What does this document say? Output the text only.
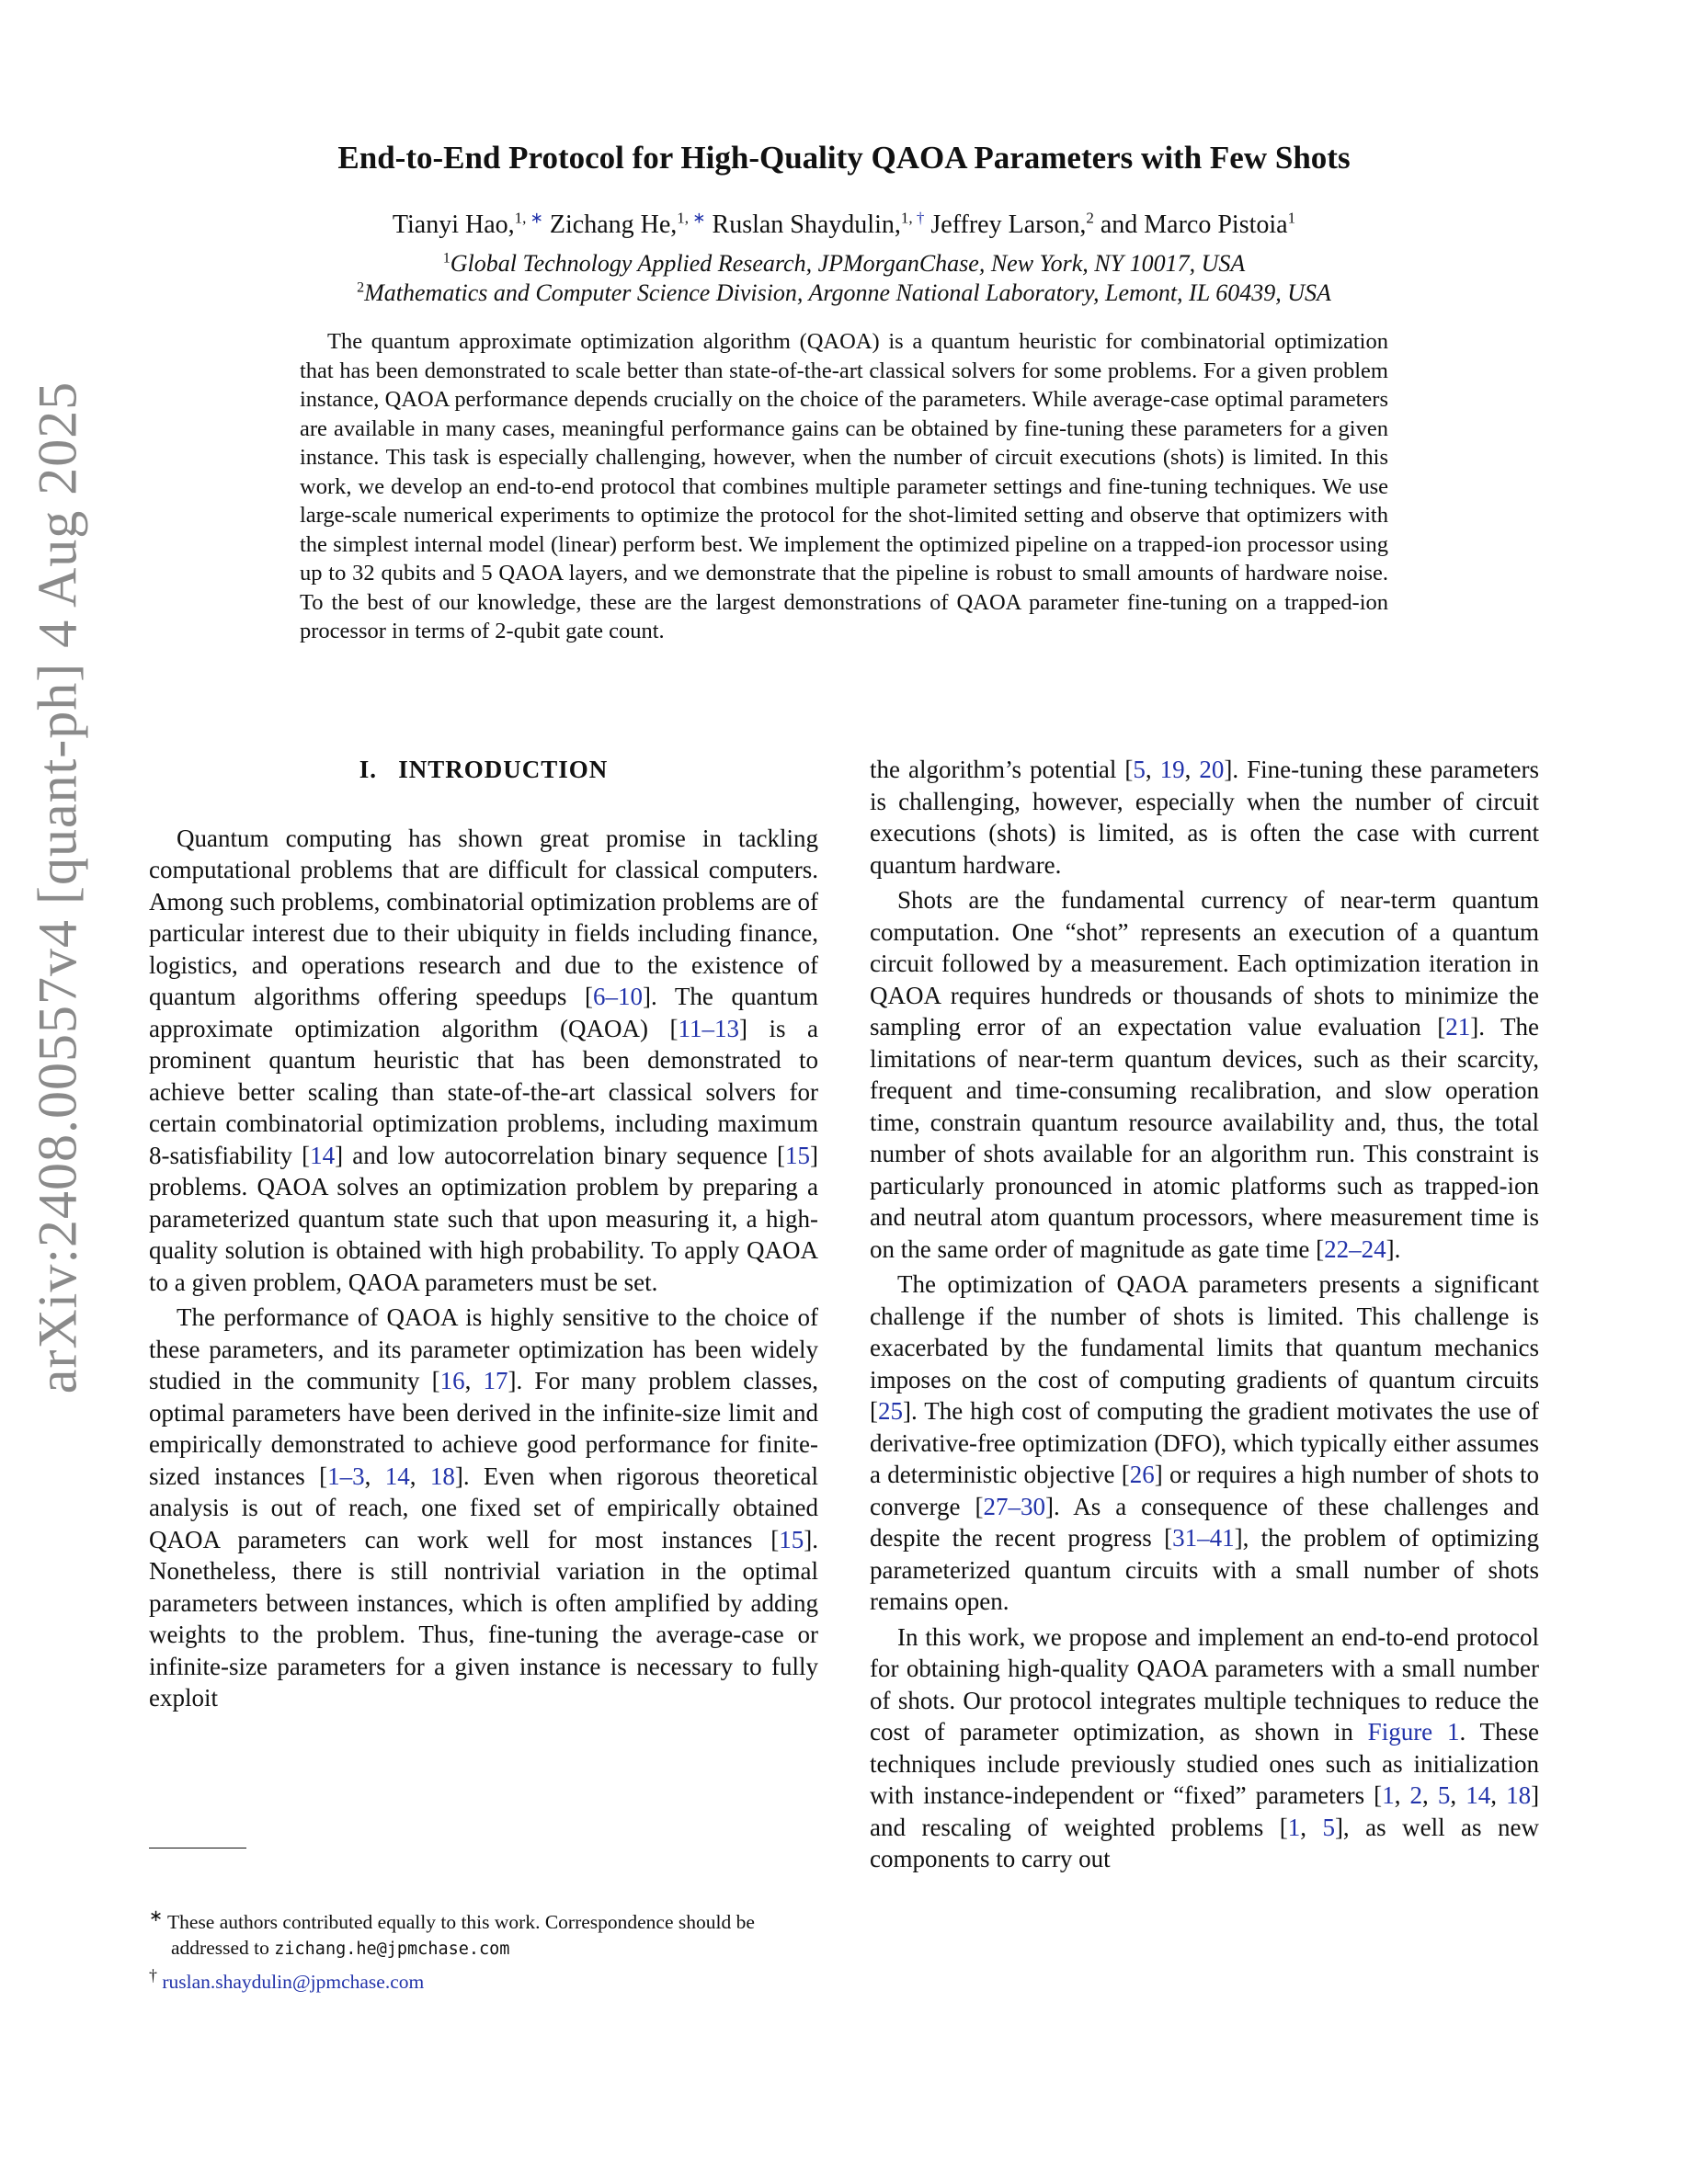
arXiv:2408.00557v4 [quant-ph] 4 Aug 2025
End-to-End Protocol for High-Quality QAOA Parameters with Few Shots
Tianyi Hao,$^{1, ∗}$ Zichang He,$^{1, ∗}$ Ruslan Shaydulin,$^{1, \dagger}$ Jeffrey Larson,$^2$ and Marco Pistoia$^1$
$^1$Global Technology Applied Research, JPMorganChase, New York, NY 10017, USA
$^2$Mathematics and Computer Science Division, Argonne National Laboratory, Lemont, IL 60439, USA

The quantum approximate optimization algorithm (QAOA) is a quantum heuristic for combinatorial optimization that has been demonstrated to scale better than state-of-the-art classical solvers for some problems. For a given problem instance, QAOA performance depends crucially on the choice of the parameters. While average-case optimal parameters are available in many cases, meaningful performance gains can be obtained by fine-tuning these parameters for a given instance. This task is especially challenging, however, when the number of circuit executions (shots) is limited. In this work, we develop an end-to-end protocol that combines multiple parameter settings and fine-tuning techniques. We use large-scale numerical experiments to optimize the protocol for the shot-limited setting and observe that optimizers with the simplest internal model (linear) perform best. We implement the optimized pipeline on a trapped-ion processor using up to 32 qubits and 5 QAOA layers, and we demonstrate that the pipeline is robust to small amounts of hardware noise. To the best of our knowledge, these are the largest demonstrations of QAOA parameter fine-tuning on a trapped-ion processor in terms of 2-qubit gate count.

I. INTRODUCTION

Quantum computing has shown great promise in tackling computational problems that are difficult for classical computers. Among such problems, combinatorial optimization problems are of particular interest due to their ubiquity in fields including finance, logistics, and operations research and due to the existence of quantum algorithms offering speedups [6–10]. The quantum approximate optimization algorithm (QAOA) [11–13] is a prominent quantum heuristic that has been demonstrated to achieve better scaling than state-of-the-art classical solvers for certain combinatorial optimization problems, including maximum 8-satisfiability [14] and low autocorrelation binary sequence [15] problems. QAOA solves an optimization problem by preparing a parameterized quantum state such that upon measuring it, a high-quality solution is obtained with high probability. To apply QAOA to a given problem, QAOA parameters must be set.

The performance of QAOA is highly sensitive to the choice of these parameters, and its parameter optimization has been widely studied in the community [16, 17]. For many problem classes, optimal parameters have been derived in the infinite-size limit and empirically demonstrated to achieve good performance for finite-sized instances [1–3, 14, 18]. Even when rigorous theoretical analysis is out of reach, one fixed set of empirically obtained QAOA parameters can work well for most instances [15]. Nonetheless, there is still nontrivial variation in the optimal parameters between instances, which is often amplified by adding weights to the problem. Thus, fine-tuning the average-case or infinite-size parameters for a given instance is necessary to fully exploit

the algorithm’s potential [5, 19, 20]. Fine-tuning these parameters is challenging, however, especially when the number of circuit executions (shots) is limited, as is often the case with current quantum hardware.

Shots are the fundamental currency of near-term quantum computation. One “shot” represents an execution of a quantum circuit followed by a measurement. Each optimization iteration in QAOA requires hundreds or thousands of shots to minimize the sampling error of an expectation value evaluation [21]. The limitations of near-term quantum devices, such as their scarcity, frequent and time-consuming recalibration, and slow operation time, constrain quantum resource availability and, thus, the total number of shots available for an algorithm run. This constraint is particularly pronounced in atomic platforms such as trapped-ion and neutral atom quantum processors, where measurement time is on the same order of magnitude as gate time [22–24].

The optimization of QAOA parameters presents a significant challenge if the number of shots is limited. This challenge is exacerbated by the fundamental limits that quantum mechanics imposes on the cost of computing gradients of quantum circuits [25]. The high cost of computing the gradient motivates the use of derivative-free optimization (DFO), which typically either assumes a deterministic objective [26] or requires a high number of shots to converge [27–30]. As a consequence of these challenges and despite the recent progress [31–41], the problem of optimizing parameterized quantum circuits with a small number of shots remains open.

In this work, we propose and implement an end-to-end protocol for obtaining high-quality QAOA parameters with a small number of shots. Our protocol integrates multiple techniques to reduce the cost of parameter optimization, as shown in Figure 1. These techniques include previously studied ones such as initialization with instance-independent or “fixed” parameters [1, 2, 5, 14, 18] and rescaling of weighted problems [1, 5], as well as new components to carry out

∗ These authors contributed equally to this work. Correspondence should be addressed to zichang.he@jpmchase.com

† ruslan.shaydulin@jpmchase.com
